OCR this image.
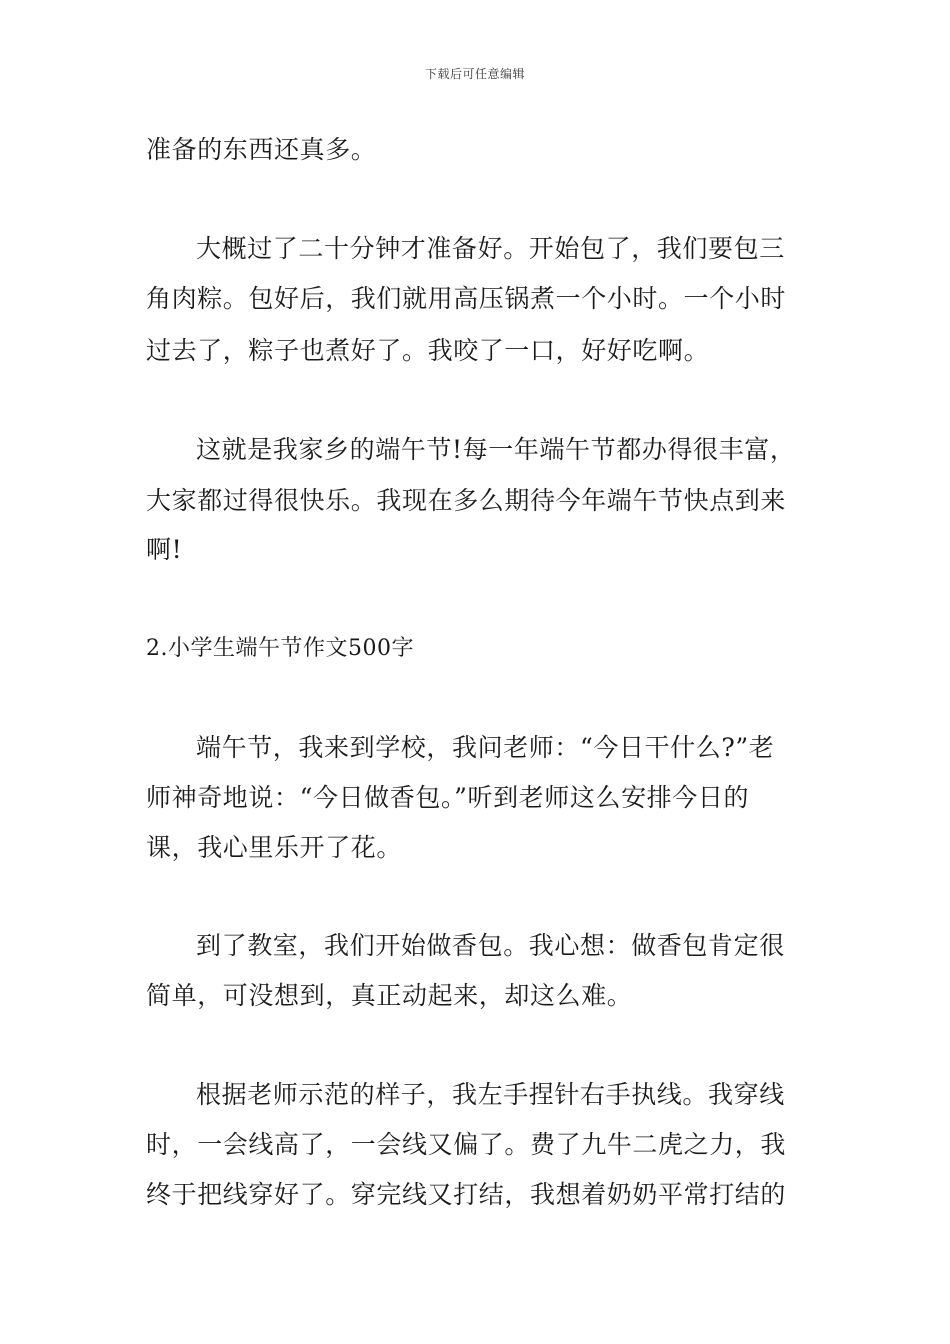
下载后可任意编辑
准备的东西还真多。
大概过了二十分钟才准备好。开始包了，我们要包三
角肉粽。包好后，我们就用高压锅煮一个小时。一个小时
过去了，粽子也煮好了。我咬了一口，好好吃啊。
这就是我家乡的端午节!每一年端午节都办得很丰富，
大家都过得很快乐。我现在多么期待今年端午节快点到来
啊!
2.小学生端午节作文500字
端午节，我来到学校，我问老师：“今日干什么?”老
师神奇地说：“今日做香包。”听到老师这么安排今日的
课，我心里乐开了花。
到了教室，我们开始做香包。我心想：做香包肯定很
简单，可没想到，真正动起来，却这么难。
根据老师示范的样子，我左手捏针右手执线。我穿线
时，一会线高了，一会线又偏了。费了九牛二虎之力，我
终于把线穿好了。穿完线又打结，我想着奶奶平常打结的
